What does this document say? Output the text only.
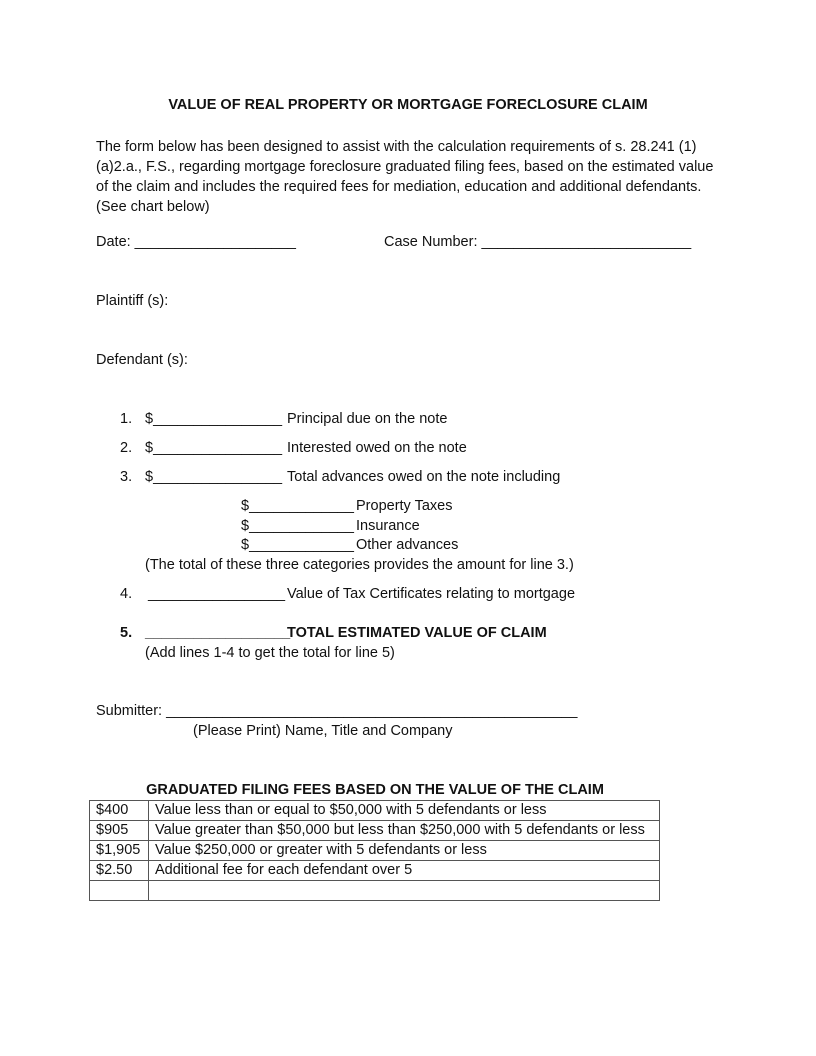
VALUE OF REAL PROPERTY OR MORTGAGE FORECLOSURE CLAIM
The form below has been designed to assist with the calculation requirements of s. 28.241 (1)(a)2.a., F.S., regarding mortgage foreclosure graduated filing fees, based on the estimated value of the claim and includes the required fees for mediation, education and additional defendants. (See chart below)
Date: ____________________	Case Number: __________________________
Plaintiff (s):
Defendant (s):
1. $________________ Principal due on the note
2. $________________ Interested owed on the note
3. $________________ Total advances owed on the note including
$_____________ Property Taxes
$_____________ Insurance
$_____________ Other advances
(The total of these three categories provides the amount for line 3.)
4. _________________ Value of Tax Certificates relating to mortgage
5. __________________
TOTAL ESTIMATED VALUE OF CLAIM
(Add lines 1-4 to get the total for line 5)
Submitter: ___________________________________________________
(Please Print) Name, Title and Company
GRADUATED FILING FEES BASED ON THE VALUE OF THE CLAIM
$400	Value less than or equal to $50,000 with 5 defendants or less
$905	Value greater than $50,000 but less than $250,000 with 5 defendants or less
$1,905	Value $250,000 or greater with 5 defendants or less
$2.50	Additional fee for each defendant over 5
